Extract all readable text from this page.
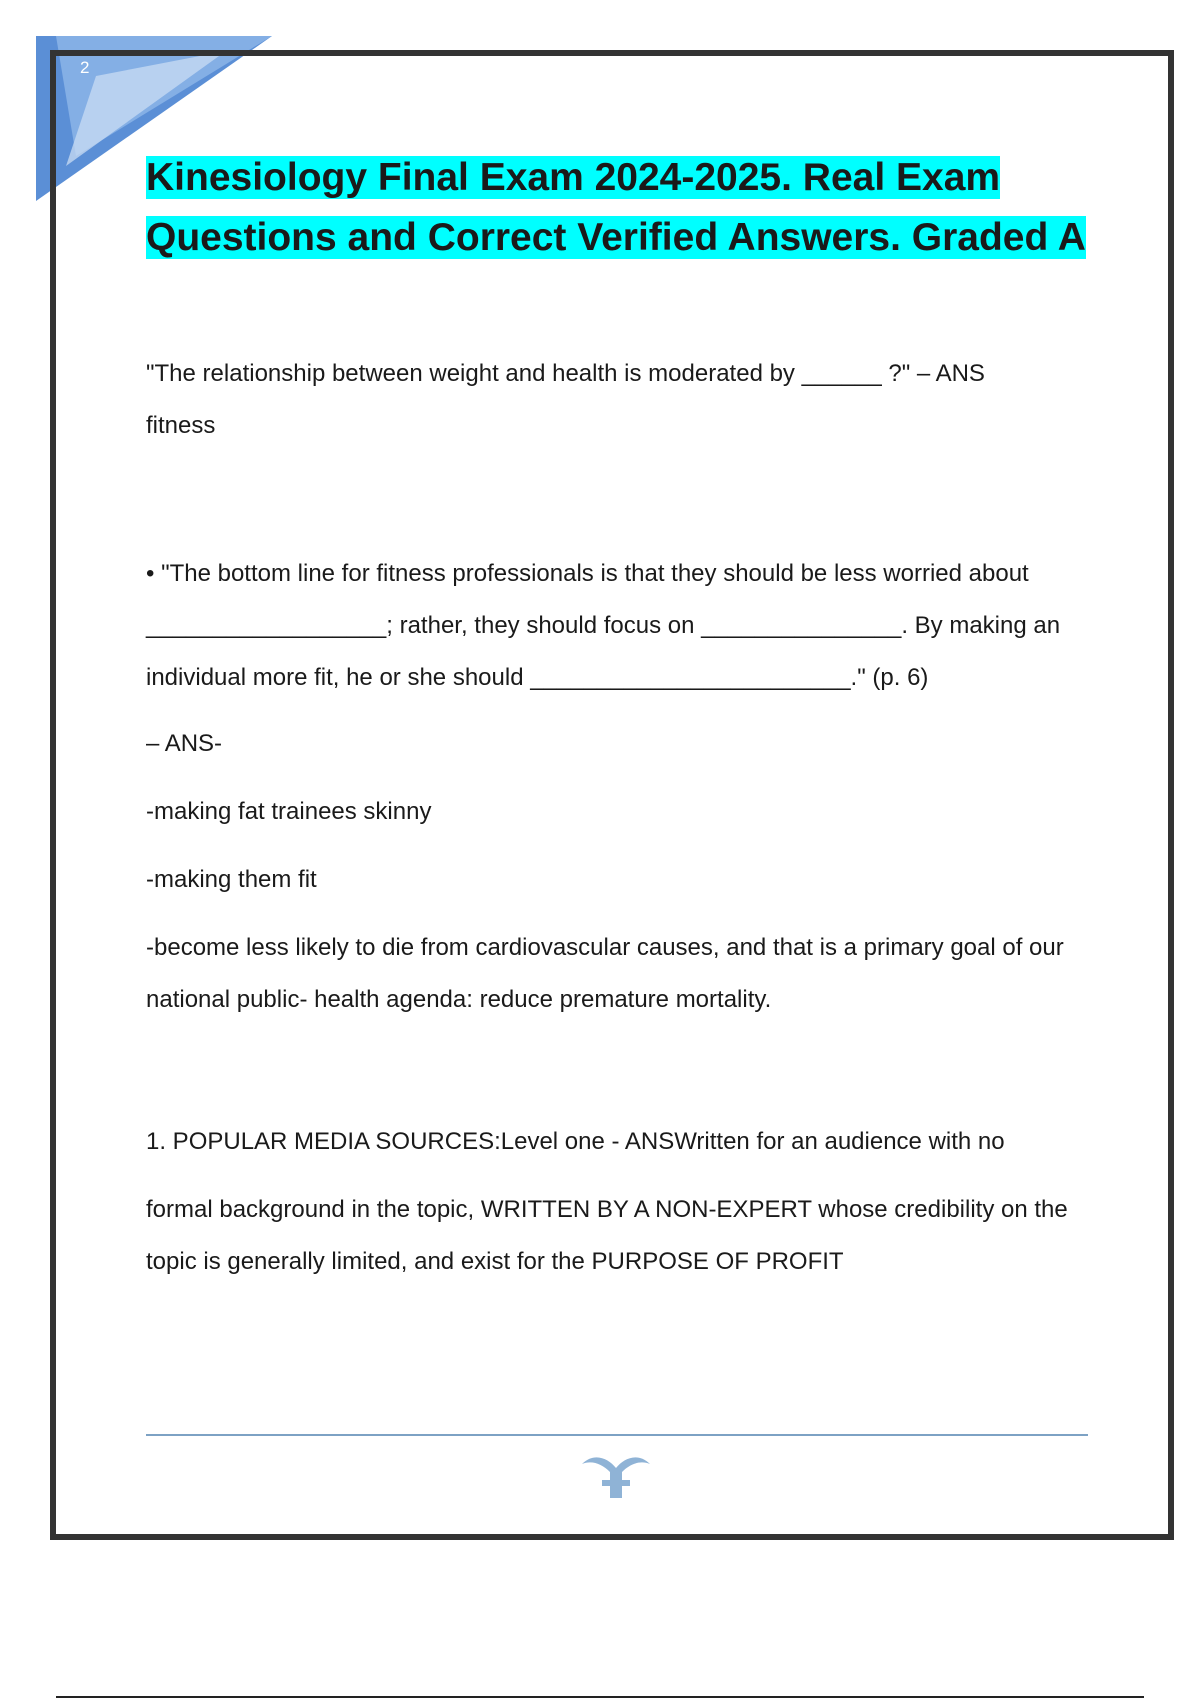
2
Kinesiology Final Exam 2024-2025. Real Exam Questions and Correct Verified Answers. Graded A
"The relationship between weight and health is moderated by ______ ?" – ANS
fitness
• "The bottom line for fitness professionals is that they should be less worried about __________________; rather, they should focus on _______________. By making an individual more fit, he or she should ________________________." (p. 6)
– ANS-
-making fat trainees skinny
-making them fit
-become less likely to die from cardiovascular causes, and that is a primary goal of our national public- health agenda: reduce premature mortality.
1. POPULAR MEDIA SOURCES:Level one - ANSWritten for an audience with no
formal background in the topic, WRITTEN BY A NON-EXPERT whose credibility on the topic is generally limited, and exist for the PURPOSE OF PROFIT
